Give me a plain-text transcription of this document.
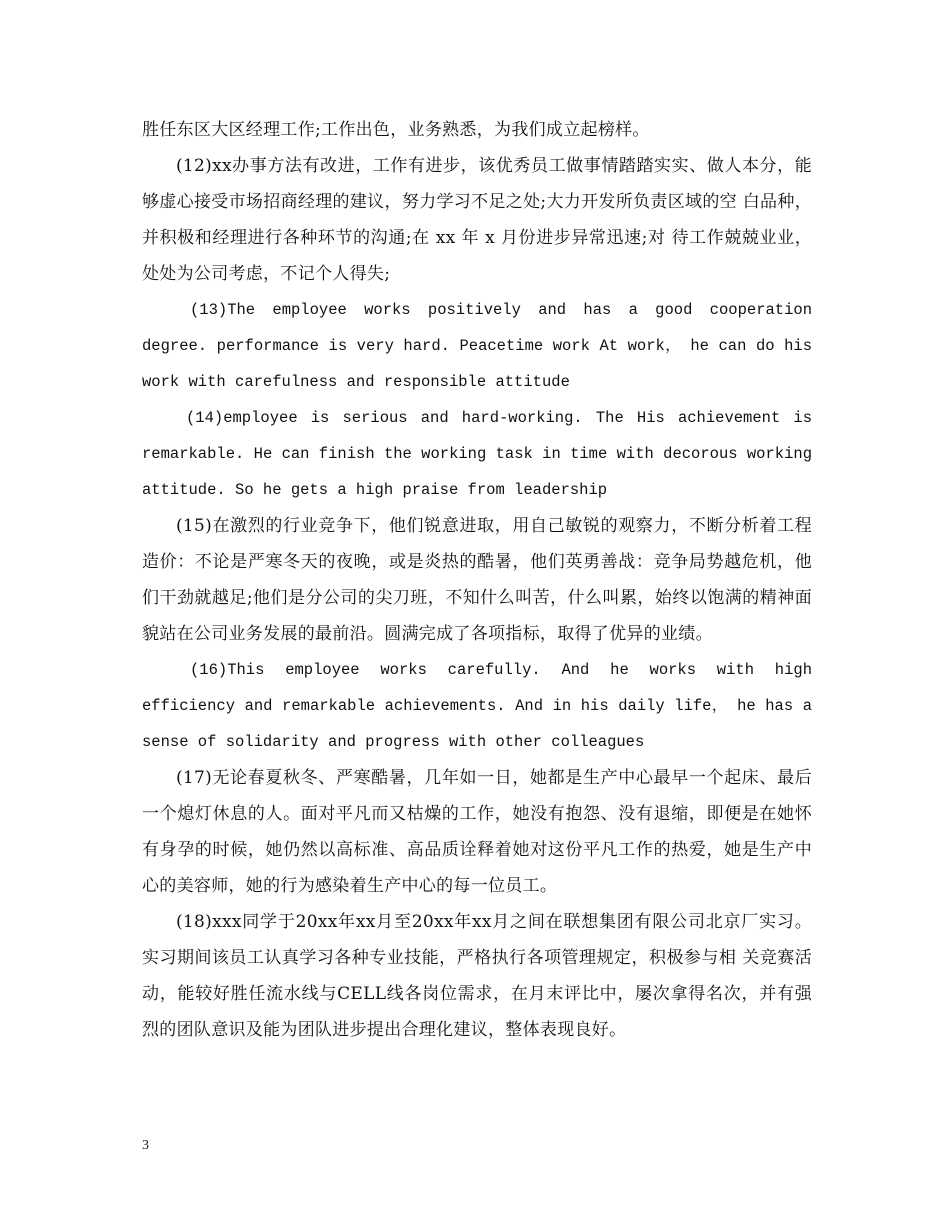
胜任东区大区经理工作;工作出色，业务熟悉，为我们成立起榜样。

(12)xx办事方法有改进，工作有进步，该优秀员工做事情踏踏实实、做人本分，能够虚心接受市场招商经理的建议，努力学习不足之处;大力开发所负责区域的空 白品种，并积极和经理进行各种环节的沟通;在 xx 年 x 月份进步异常迅速;对 待工作兢兢业业，处处为公司考虑，不记个人得失;

(13)The employee works positively and has a good cooperation degree. performance is very hard. Peacetime work At work， he can do his work with carefulness and responsible attitude

(14)employee is serious and hard-working. The His achievement is remarkable. He can finish the working task in time with decorous working attitude. So he gets a high praise from leadership

(15)在激烈的行业竞争下，他们锐意进取，用自己敏锐的观察力，不断分析着工程造价：不论是严寒冬天的夜晚，或是炎热的酷暑，他们英勇善战：竞争局势越危机，他们干劲就越足;他们是分公司的尖刀班，不知什么叫苦，什么叫累，始终以饱满的精神面貌站在公司业务发展的最前沿。圆满完成了各项指标，取得了优异的业绩。

(16)This employee works carefully. And he works with high efficiency and remarkable achievements. And in his daily life， he has a sense of solidarity and progress with other colleagues

(17)无论春夏秋冬、严寒酷暑，几年如一日，她都是生产中心最早一个起床、最后一个熄灯休息的人。面对平凡而又枯燥的工作，她没有抱怨、没有退缩，即便是在她怀有身孕的时候，她仍然以高标准、高品质诠释着她对这份平凡工作的热爱，她是生产中心的美容师，她的行为感染着生产中心的每一位员工。

(18)xxx同学于20xx年xx月至20xx年xx月之间在联想集团有限公司北京厂实习。实习期间该员工认真学习各种专业技能，严格执行各项管理规定，积极参与相 关竞赛活动，能较好胜任流水线与CELL线各岗位需求，在月末评比中，屡次拿得名次，并有强烈的团队意识及能为团队进步提出合理化建议，整体表现良好。

3
